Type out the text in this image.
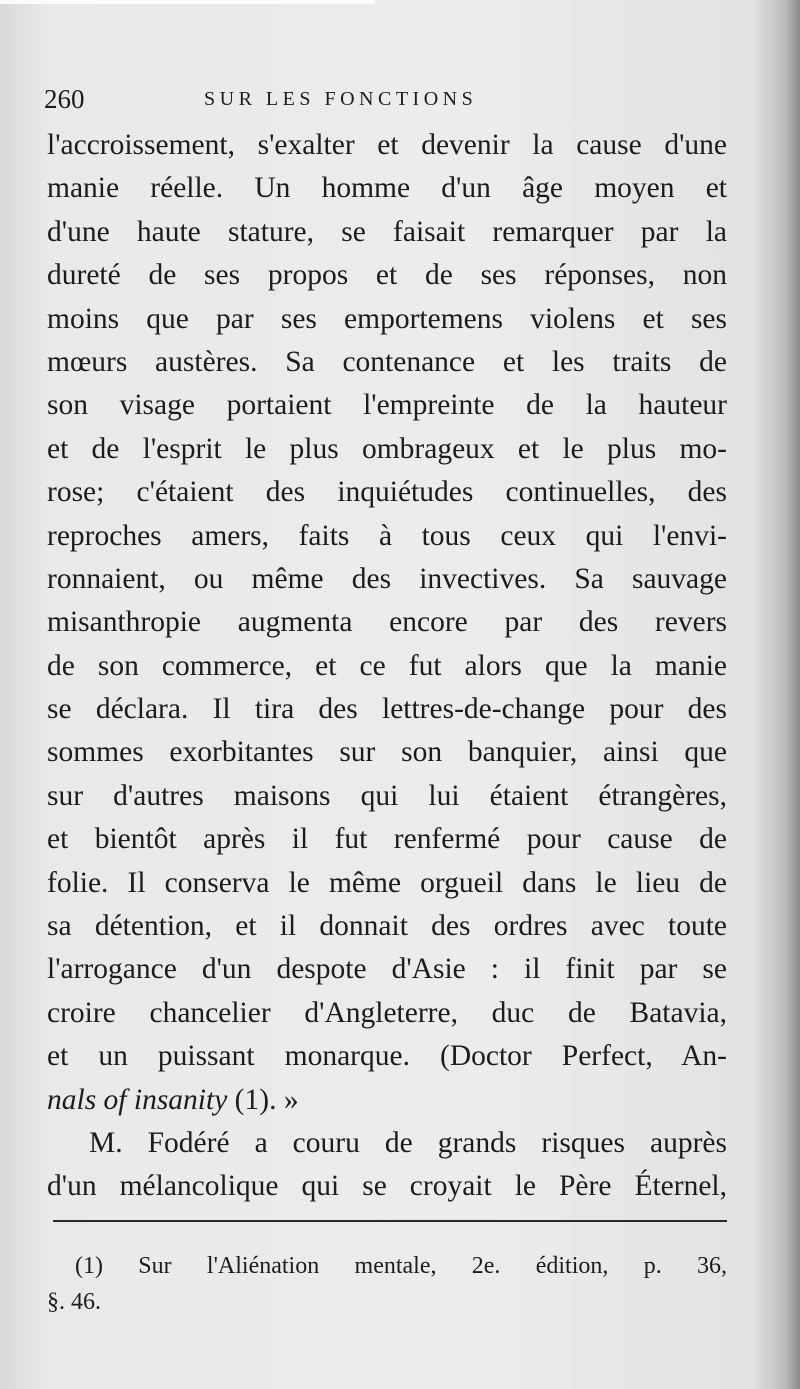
260	SUR LES FONCTIONS
l'accroissement, s'exalter et devenir la cause d'une
manie réelle. Un homme d'un âge moyen et
d'une haute stature, se faisait remarquer par la
dureté de ses propos et de ses réponses, non
moins que par ses emportemens violens et ses
mœurs austères. Sa contenance et les traits de
son visage portaient l'empreinte de la hauteur
et de l'esprit le plus ombrageux et le plus mo-
rose; c'étaient des inquiétudes continuelles, des
reproches amers, faits à tous ceux qui l'envi-
ronnaient, ou même des invectives. Sa sauvage
misanthropie augmenta encore par des revers
de son commerce, et ce fut alors que la manie
se déclara. Il tira des lettres-de-change pour des
sommes exorbitantes sur son banquier, ainsi que
sur d'autres maisons qui lui étaient étrangères,
et bientôt après il fut renfermé pour cause de
folie. Il conserva le même orgueil dans le lieu de
sa détention, et il donnait des ordres avec toute
l'arrogance d'un despote d'Asie : il finit par se
croire chancelier d'Angleterre, duc de Batavia,
et un puissant monarque. (Doctor Perfect, An-
nals of insanity (1). »
M. Fodéré a couru de grands risques auprès
d'un mélancolique qui se croyait le Père Éternel,
(1) Sur l'Aliénation mentale, 2e. édition, p. 36,
§. 46.
